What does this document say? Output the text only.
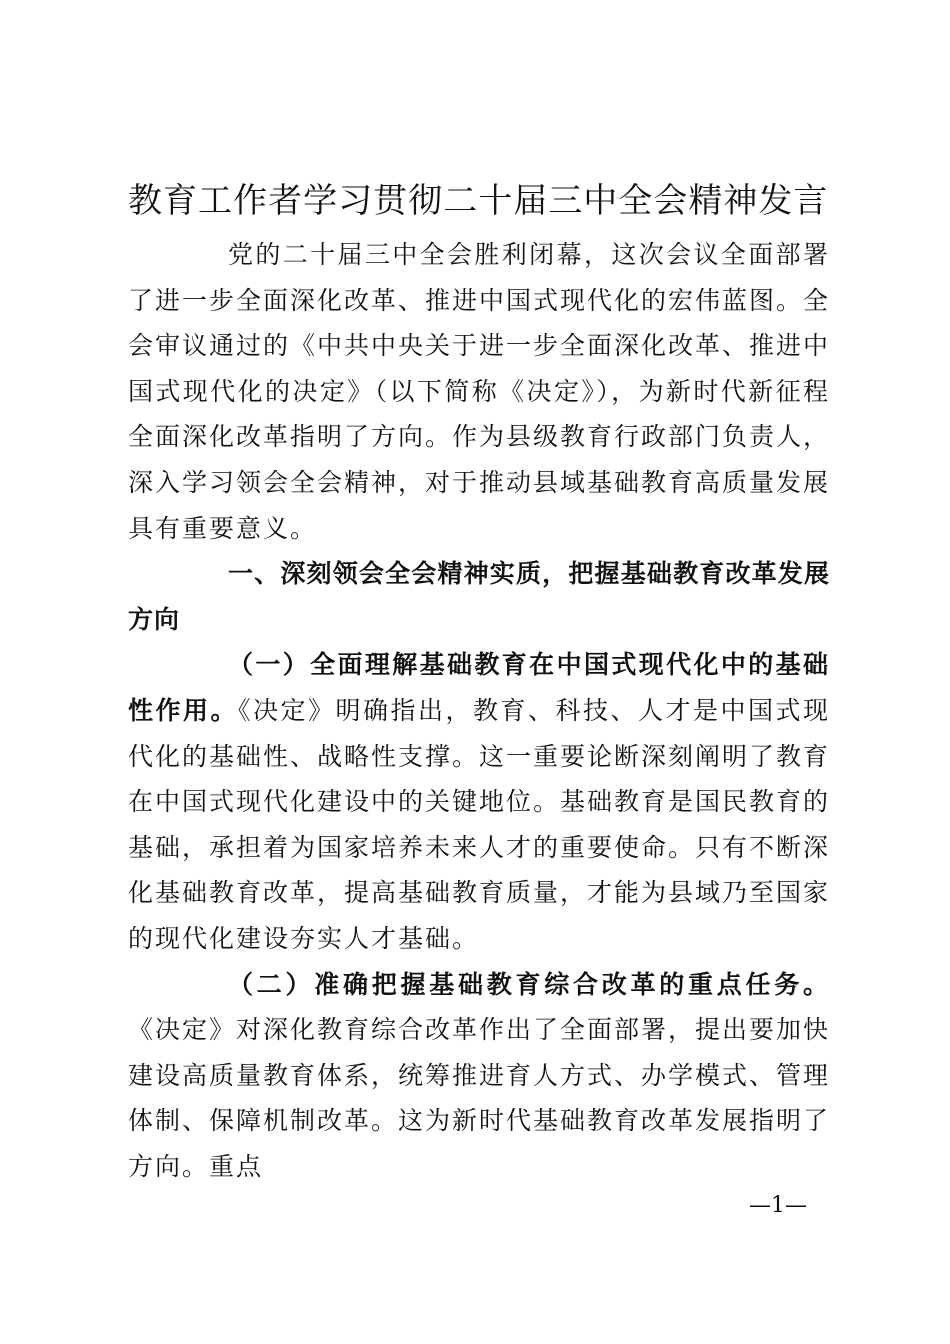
教育工作者学习贯彻二十届三中全会精神发言

党的二十届三中全会胜利闭幕，这次会议全面部署了进一步全面深化改革、推进中国式现代化的宏伟蓝图。全会审议通过的《中共中央关于进一步全面深化改革、推进中国式现代化的决定》（以下简称《决定》），为新时代新征程全面深化改革指明了方向。作为县级教育行政部门负责人，深入学习领会全会精神，对于推动县域基础教育高质量发展具有重要意义。

一、深刻领会全会精神实质，把握基础教育改革发展方向

（一）全面理解基础教育在中国式现代化中的基础性作用。《决定》明确指出，教育、科技、人才是中国式现代化的基础性、战略性支撑。这一重要论断深刻阐明了教育在中国式现代化建设中的关键地位。基础教育是国民教育的基础，承担着为国家培养未来人才的重要使命。只有不断深化基础教育改革，提高基础教育质量，才能为县域乃至国家的现代化建设夯实人才基础。

（二）准确把握基础教育综合改革的重点任务。《决定》对深化教育综合改革作出了全面部署，提出要加快建设高质量教育体系，统筹推进育人方式、办学模式、管理体制、保障机制改革。这为新时代基础教育改革发展指明了方向。重点

—1—
